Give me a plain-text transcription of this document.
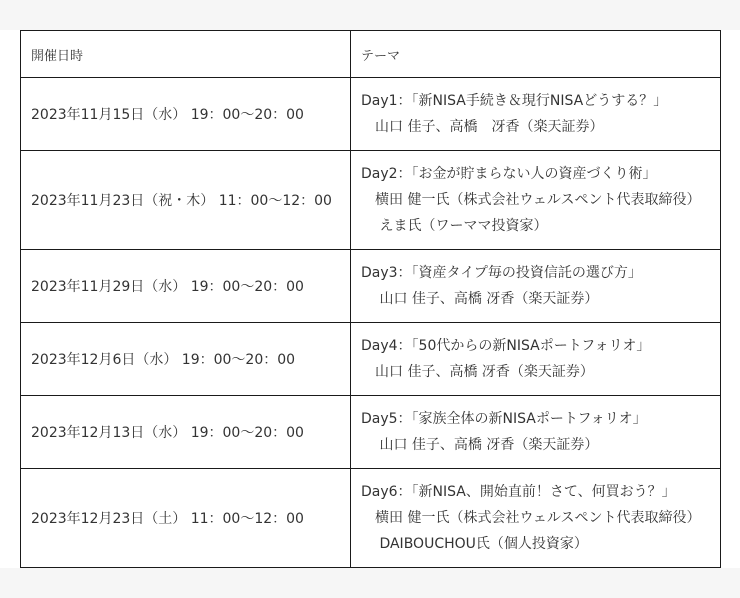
開催日時	テーマ
2023年11月15日（水） 19：00〜20：00	Day1：「新NISA手続き＆現行NISAどうする？」
　山口 佳子、高橋　冴香（楽天証券）

2023年11月23日（祝・木） 11：00〜12：00	Day2：「お金が貯まらない人の資産づくり術」
　横田 健一氏（株式会社ウェルスペント代表取締役）
　 えま氏（ワーママ投資家）

2023年11月29日（水） 19：00〜20：00	Day3：「資産タイプ毎の投資信託の選び方」
　 山口 佳子、高橋 冴香（楽天証券）

2023年12月6日（水） 19：00〜20：00	Day4：「50代からの新NISAポートフォリオ」
　山口 佳子、高橋 冴香（楽天証券）

2023年12月13日（水） 19：00〜20：00	Day5：「家族全体の新NISAポートフォリオ」
　 山口 佳子、高橋 冴香（楽天証券）

2023年12月23日（土） 11：00〜12：00	Day6：「新NISA、開始直前！さて、何買おう？」
　横田 健一氏（株式会社ウェルスペント代表取締役）
　 DAIBOUCHOU氏（個人投資家）
